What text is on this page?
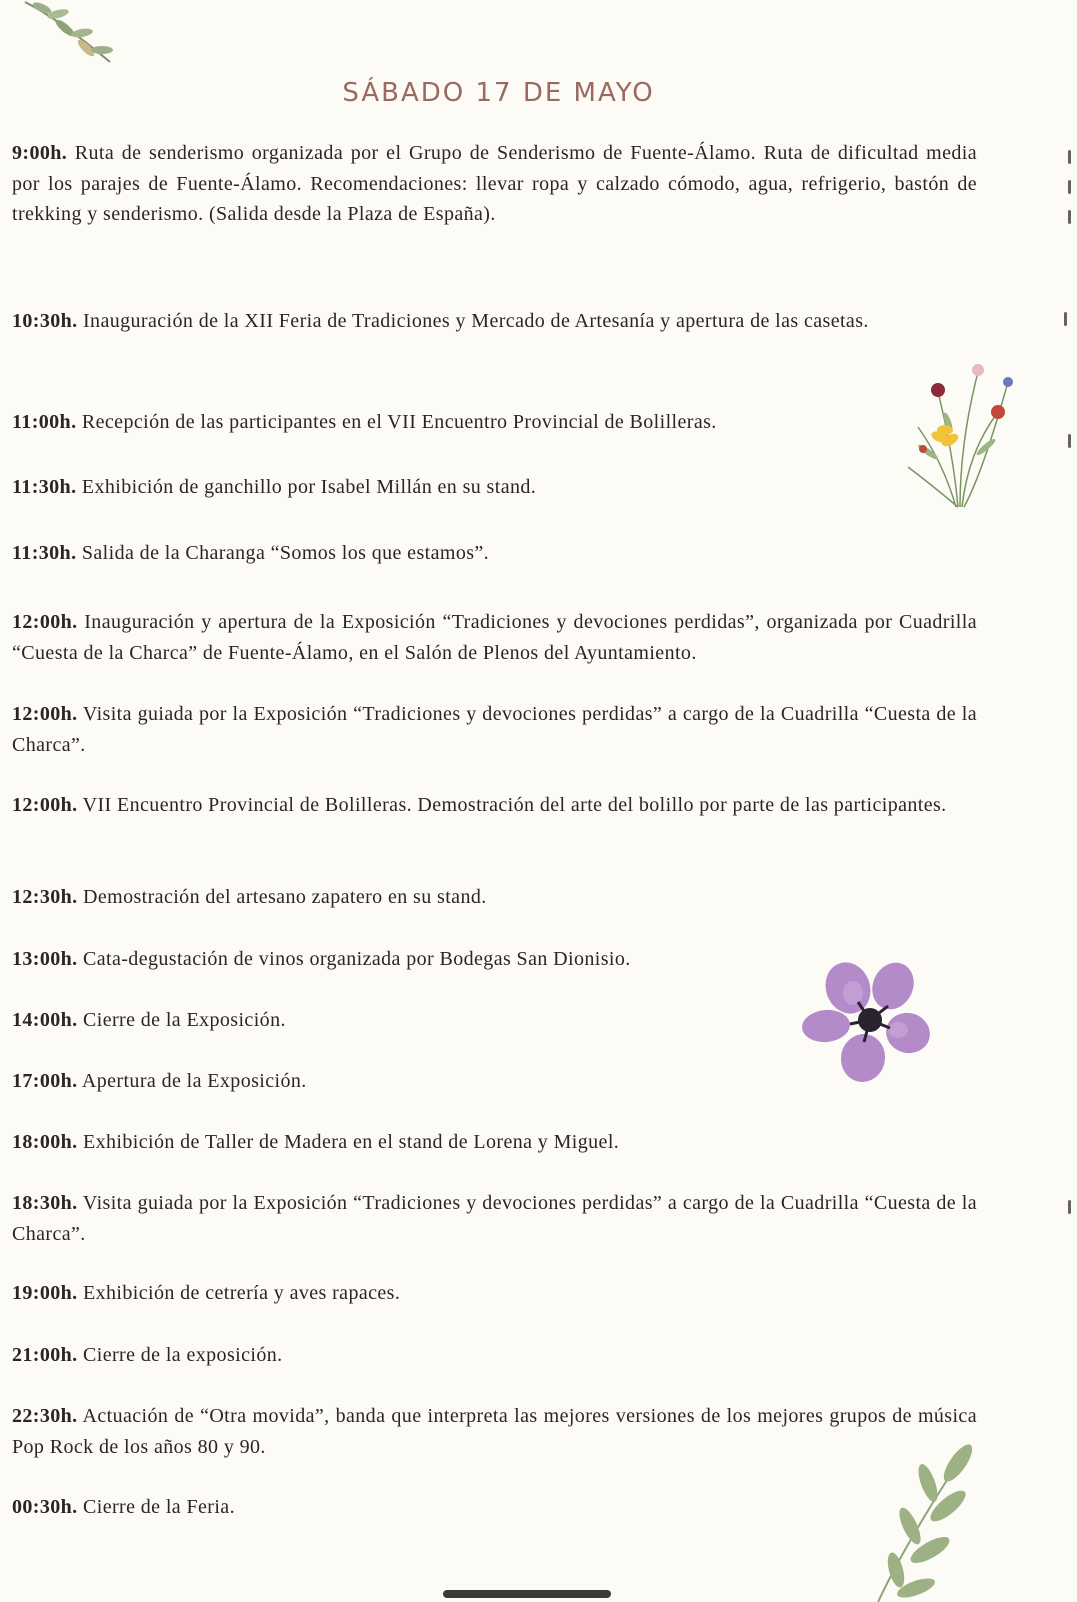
SÁBADO 17 DE MAYO
9:00h. Ruta de senderismo organizada por el Grupo de Senderismo de Fuente-Álamo. Ruta de dificultad media por los parajes de Fuente-Álamo. Recomendaciones: llevar ropa y calzado cómodo, agua, refrigerio, bastón de trekking y senderismo. (Salida desde la Plaza de España).
10:30h. Inauguración de la XII Feria de Tradiciones y Mercado de Artesanía y apertura de las casetas.
11:00h. Recepción de las participantes en el VII Encuentro Provincial de Bolilleras.
11:30h. Exhibición de ganchillo por Isabel Millán en su stand.
11:30h. Salida de la Charanga “Somos los que estamos”.
12:00h. Inauguración y apertura de la Exposición “Tradiciones y devociones perdidas”, organizada por Cuadrilla “Cuesta de la Charca” de Fuente-Álamo, en el Salón de Plenos del Ayuntamiento.
12:00h. Visita guiada por la Exposición “Tradiciones y devociones perdidas” a cargo de la Cuadrilla “Cuesta de la Charca”.
12:00h. VII Encuentro Provincial de Bolilleras. Demostración del arte del bolillo por parte de las participantes.
12:30h. Demostración del artesano zapatero en su stand.
13:00h. Cata-degustación de vinos organizada por Bodegas San Dionisio.
14:00h. Cierre de la Exposición.
17:00h. Apertura de la Exposición.
18:00h. Exhibición de Taller de Madera en el stand de Lorena y Miguel.
18:30h. Visita guiada por la Exposición “Tradiciones y devociones perdidas” a cargo de la Cuadrilla “Cuesta de la Charca”.
19:00h. Exhibición de cetrería y aves rapaces.
21:00h. Cierre de la exposición.
22:30h. Actuación de “Otra movida”, banda que interpreta las mejores versiones de los mejores grupos de música Pop Rock de los años 80 y 90.
00:30h. Cierre de la Feria.
